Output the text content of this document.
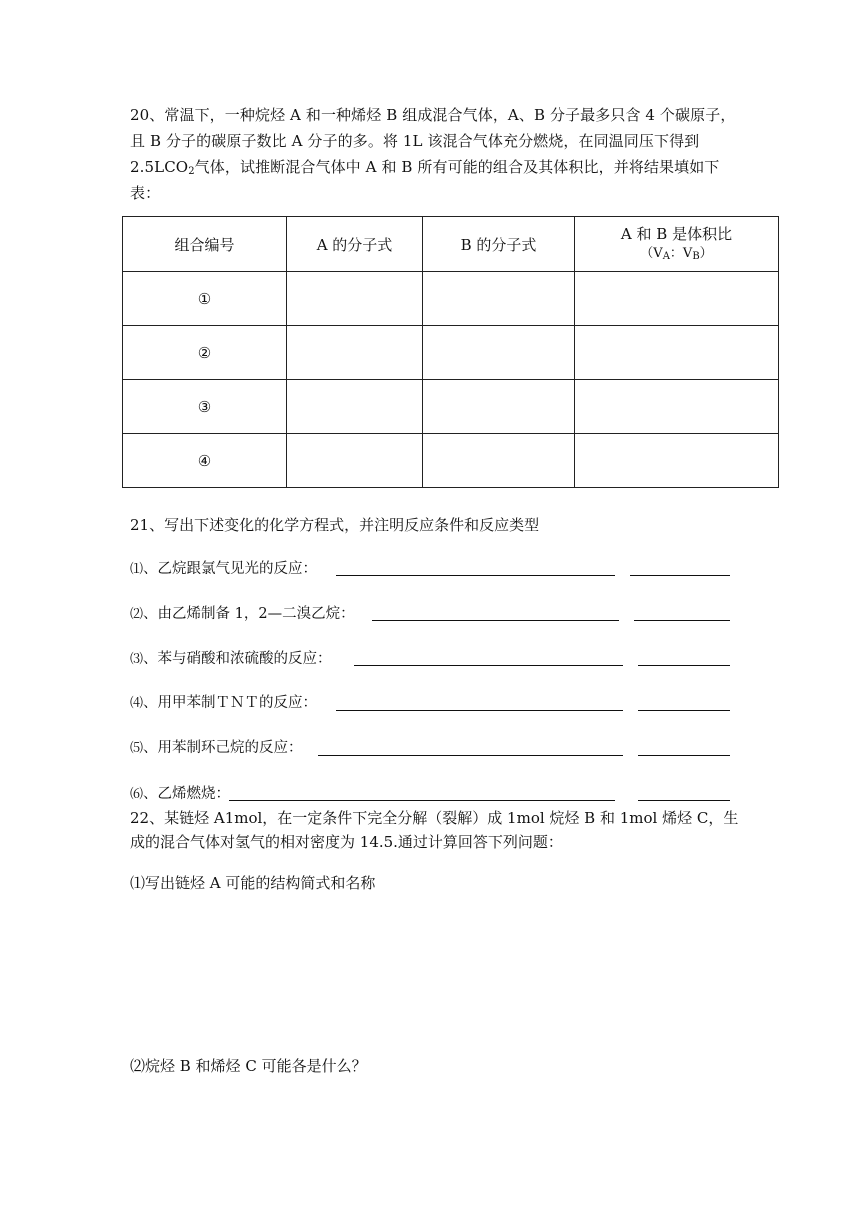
20、常温下，一种烷烃 A 和一种烯烃 B 组成混合气体，A、B 分子最多只含 4 个碳原子，
且 B 分子的碳原子数比 A 分子的多。将 1L 该混合气体充分燃烧，在同温同压下得到
$2.5LCO_2$气体，试推断混合气体中 A 和 B 所有可能的组合及其体积比，并将结果填如下
表：
组合编号	A 的分子式	B 的分子式	A 和 B 是体积比
（$V_A$：$V_B$）

①			
②			
③			
④			
21、写出下述变化的化学方程式，并注明反应条件和反应类型
⑴、乙烷跟氯气见光的反应：
⑵、由乙烯制备 1，2—二溴乙烷：
⑶、苯与硝酸和浓硫酸的反应：
⑷、用甲苯制ＴＮＴ的反应：
⑸、用苯制环己烷的反应：
⑹、乙烯燃烧：
22、某链烃 A1mol，在一定条件下完全分解（裂解）成 1mol 烷烃 B 和 1mol 烯烃 C，生
成的混合气体对氢气的相对密度为 14.5.通过计算回答下列问题：
⑴写出链烃 A 可能的结构简式和名称
⑵烷烃 B 和烯烃 C 可能各是什么？
